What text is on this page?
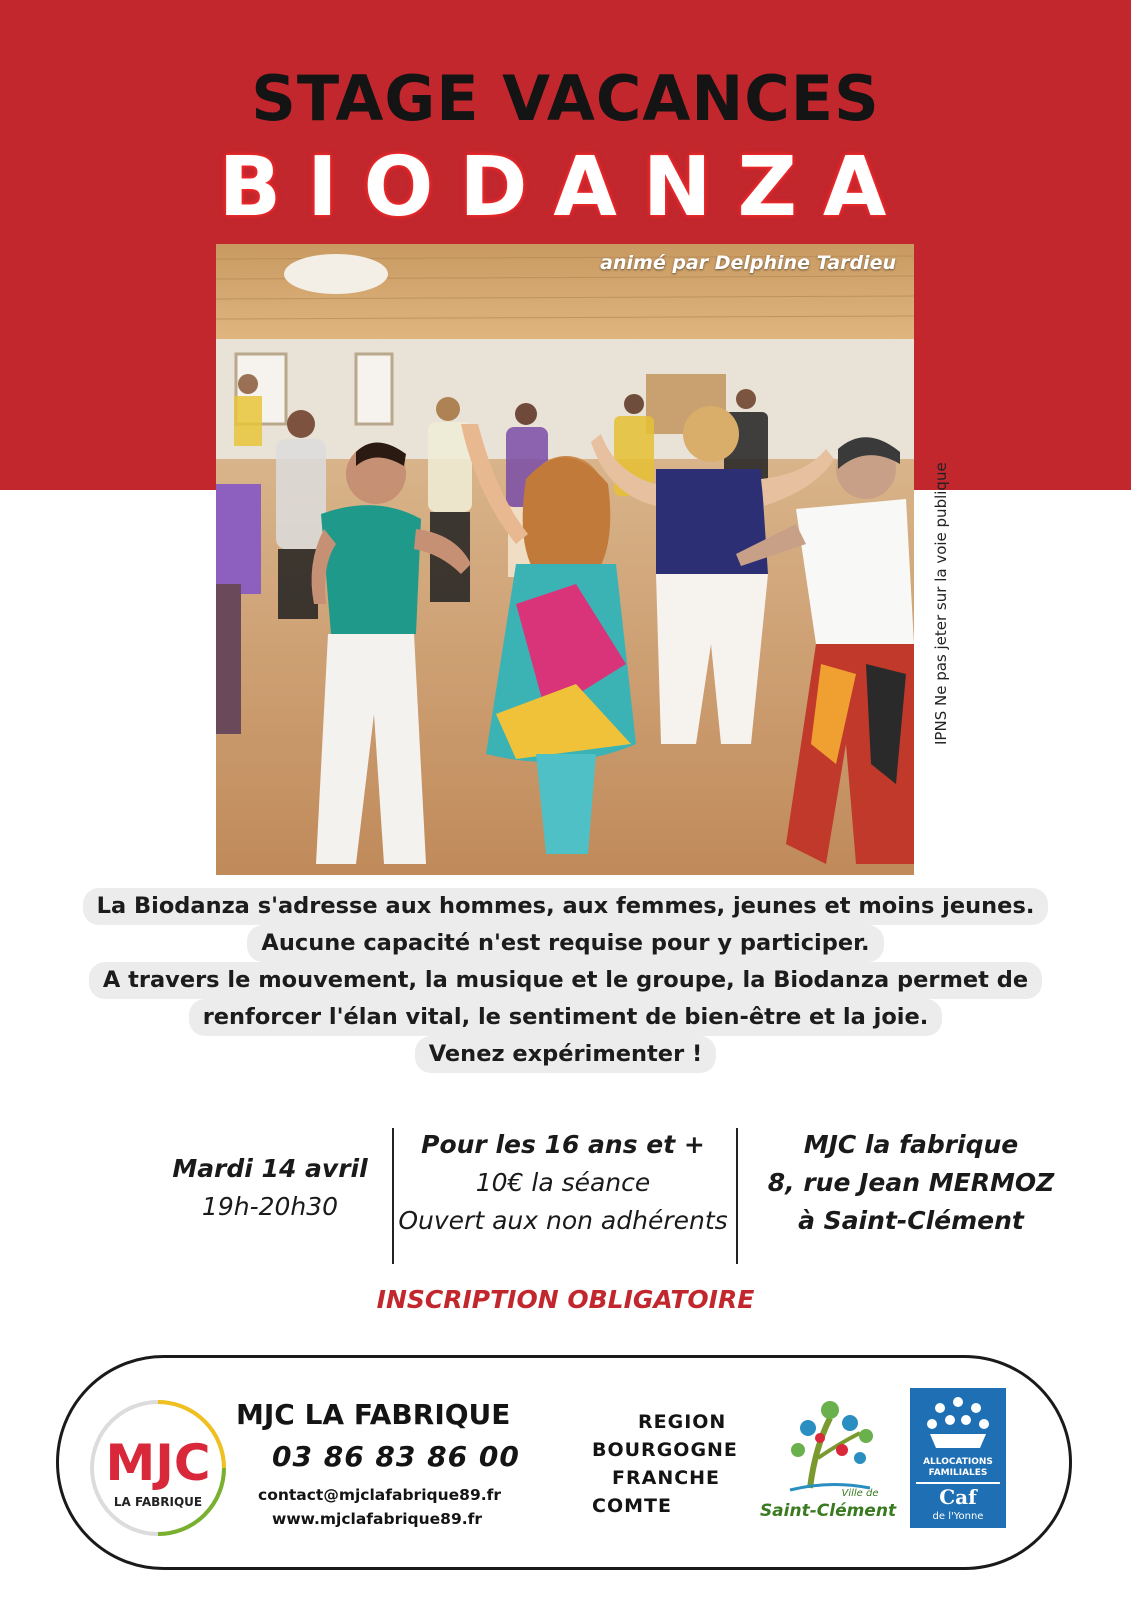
STAGE VACANCES
BIODANZA
animé par Delphine Tardieu
IPNS Ne pas jeter sur la voie publique
La Biodanza s'adresse aux hommes, aux femmes, jeunes et moins jeunes.
Aucune capacité n'est requise pour y participer.
A travers le mouvement, la musique et le groupe, la Biodanza permet de
renforcer l'élan vital, le sentiment de bien-être et la joie.
Venez expérimenter !
Mardi 14 avril
19h-20h30
Pour les 16 ans et +
10€ la séance
Ouvert aux non adhérents
MJC la fabrique
8, rue Jean MERMOZ
à Saint-Clément
INSCRIPTION OBLIGATOIRE
MJC
LA FABRIQUE
MJC LA FABRIQUE
03 86 83 86 00
contact@mjclafabrique89.fr
www.mjclafabrique89.fr
REGION
BOURGOGNE
FRANCHE
COMTE
Ville de
Saint-Clément
ALLOCATIONS
FAMILIALES
Caf
de l'Yonne
